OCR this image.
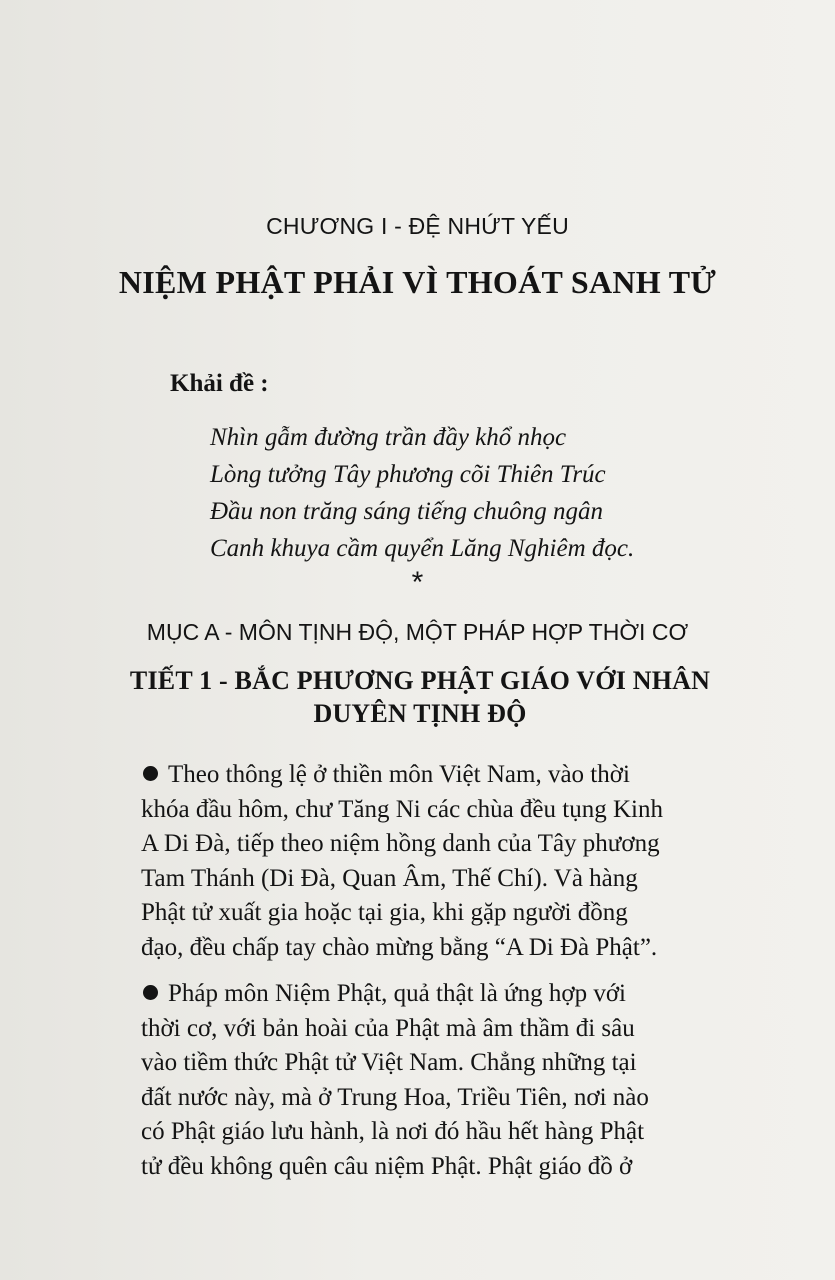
CHƯƠNG I - ĐỆ NHỨT YẾU
NIỆM PHẬT PHẢI VÌ THOÁT SANH TỬ

Khải đề :

Nhìn gẫm đường trần đầy khổ nhọc
Lòng tưởng Tây phương cõi Thiên Trúc
Đầu non trăng sáng tiếng chuông ngân
Canh khuya cầm quyển Lăng Nghiêm đọc.
*
MỤC A - MÔN TỊNH ĐỘ, MỘT PHÁP HỢP THỜI CƠ
TIẾT 1 - BẮC PHƯƠNG PHẬT GIÁO VỚI NHÂN
DUYÊN TỊNH ĐỘ
Theo thông lệ ở thiền môn Việt Nam, vào thời
khóa đầu hôm, chư Tăng Ni các chùa đều tụng Kinh
A Di Đà, tiếp theo niệm hồng danh của Tây phương
Tam Thánh (Di Đà, Quan Âm, Thế Chí). Và hàng
Phật tử xuất gia hoặc tại gia, khi gặp người đồng
đạo, đều chấp tay chào mừng bằng “A Di Đà Phật”.
Pháp môn Niệm Phật, quả thật là ứng hợp với
thời cơ, với bản hoài của Phật mà âm thầm đi sâu
vào tiềm thức Phật tử Việt Nam. Chẳng những tại
đất nước này, mà ở Trung Hoa, Triều Tiên, nơi nào
có Phật giáo lưu hành, là nơi đó hầu hết hàng Phật
tử đều không quên câu niệm Phật. Phật giáo đồ ở
